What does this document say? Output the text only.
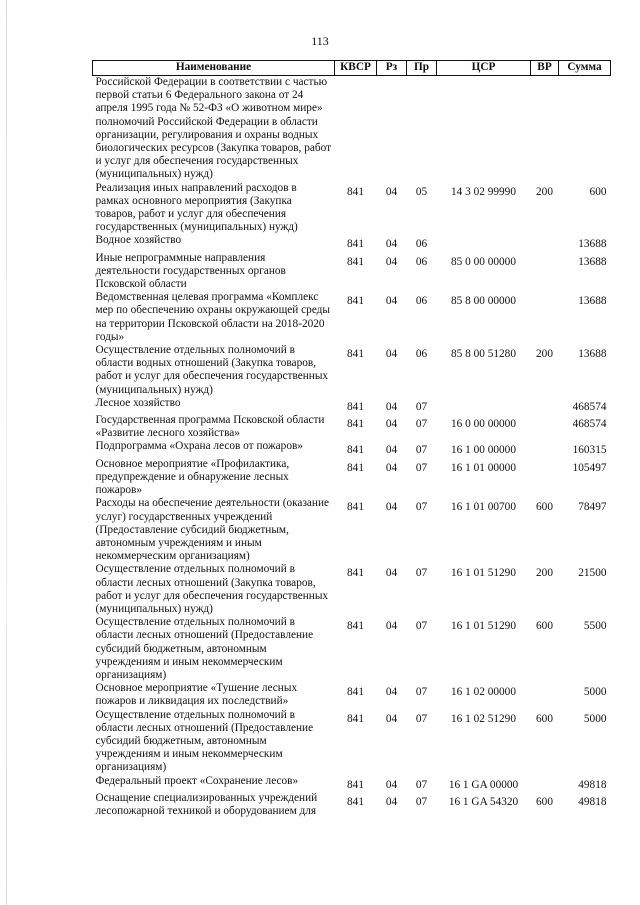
113
Наименование	КВСР	Рз	Пр	ЦСР	ВР	Сумма
Российской Федерации в соответствии с частью первой статьи 6 Федерального закона от 24 апреля 1995 года № 52-ФЗ «О животном мире» полномочий Российской Федерации в области организации, регулирования и охраны водных биологических ресурсов (Закупка товаров, работ и услуг для обеспечения государственных (муниципальных) нужд)						
Реализация иных направлений расходов в рамках основного мероприятия (Закупка товаров, работ и услуг для обеспечения государственных (муниципальных) нужд)	841	04	05	14 3 02 99990	200	600
Водное хозяйство	841	04	06			13688
Иные непрограммные направления деятельности государственных органов Псковской области	841	04	06	85 0 00 00000		13688
Ведомственная целевая программа «Комплекс мер по обеспечению охраны окружающей среды на территории Псковской области на 2018-2020 годы»	841	04	06	85 8 00 00000		13688
Осуществление отдельных полномочий в области водных отношений (Закупка товаров, работ и услуг для обеспечения государственных (муниципальных) нужд)	841	04	06	85 8 00 51280	200	13688
Лесное хозяйство	841	04	07			468574
Государственная программа Псковской области «Развитие лесного хозяйства»	841	04	07	16 0 00 00000		468574
Подпрограмма «Охрана лесов от пожаров»	841	04	07	16 1 00 00000		160315
Основное мероприятие «Профилактика, предупреждение и обнаружение лесных пожаров»	841	04	07	16 1 01 00000		105497
Расходы на обеспечение деятельности (оказание услуг) государственных учреждений (Предоставление субсидий бюджетным, автономным учреждениям и иным некоммерческим организациям)	841	04	07	16 1 01 00700	600	78497
Осуществление отдельных полномочий в области лесных отношений (Закупка товаров, работ и услуг для обеспечения государственных (муниципальных) нужд)	841	04	07	16 1 01 51290	200	21500
Осуществление отдельных полномочий в области лесных отношений (Предоставление субсидий бюджетным, автономным учреждениям и иным некоммерческим организациям)	841	04	07	16 1 01 51290	600	5500
Основное мероприятие «Тушение лесных пожаров и ликвидация их последствий»	841	04	07	16 1 02 00000		5000
Осуществление отдельных полномочий в области лесных отношений (Предоставление субсидий бюджетным, автономным учреждениям и иным некоммерческим организациям)	841	04	07	16 1 02 51290	600	5000
Федеральный проект «Сохранение лесов»	841	04	07	16 1 GA 00000		49818
Оснащение специализированных учреждений лесопожарной техникой и оборудованием для	841	04	07	16 1 GA 54320	600	49818
